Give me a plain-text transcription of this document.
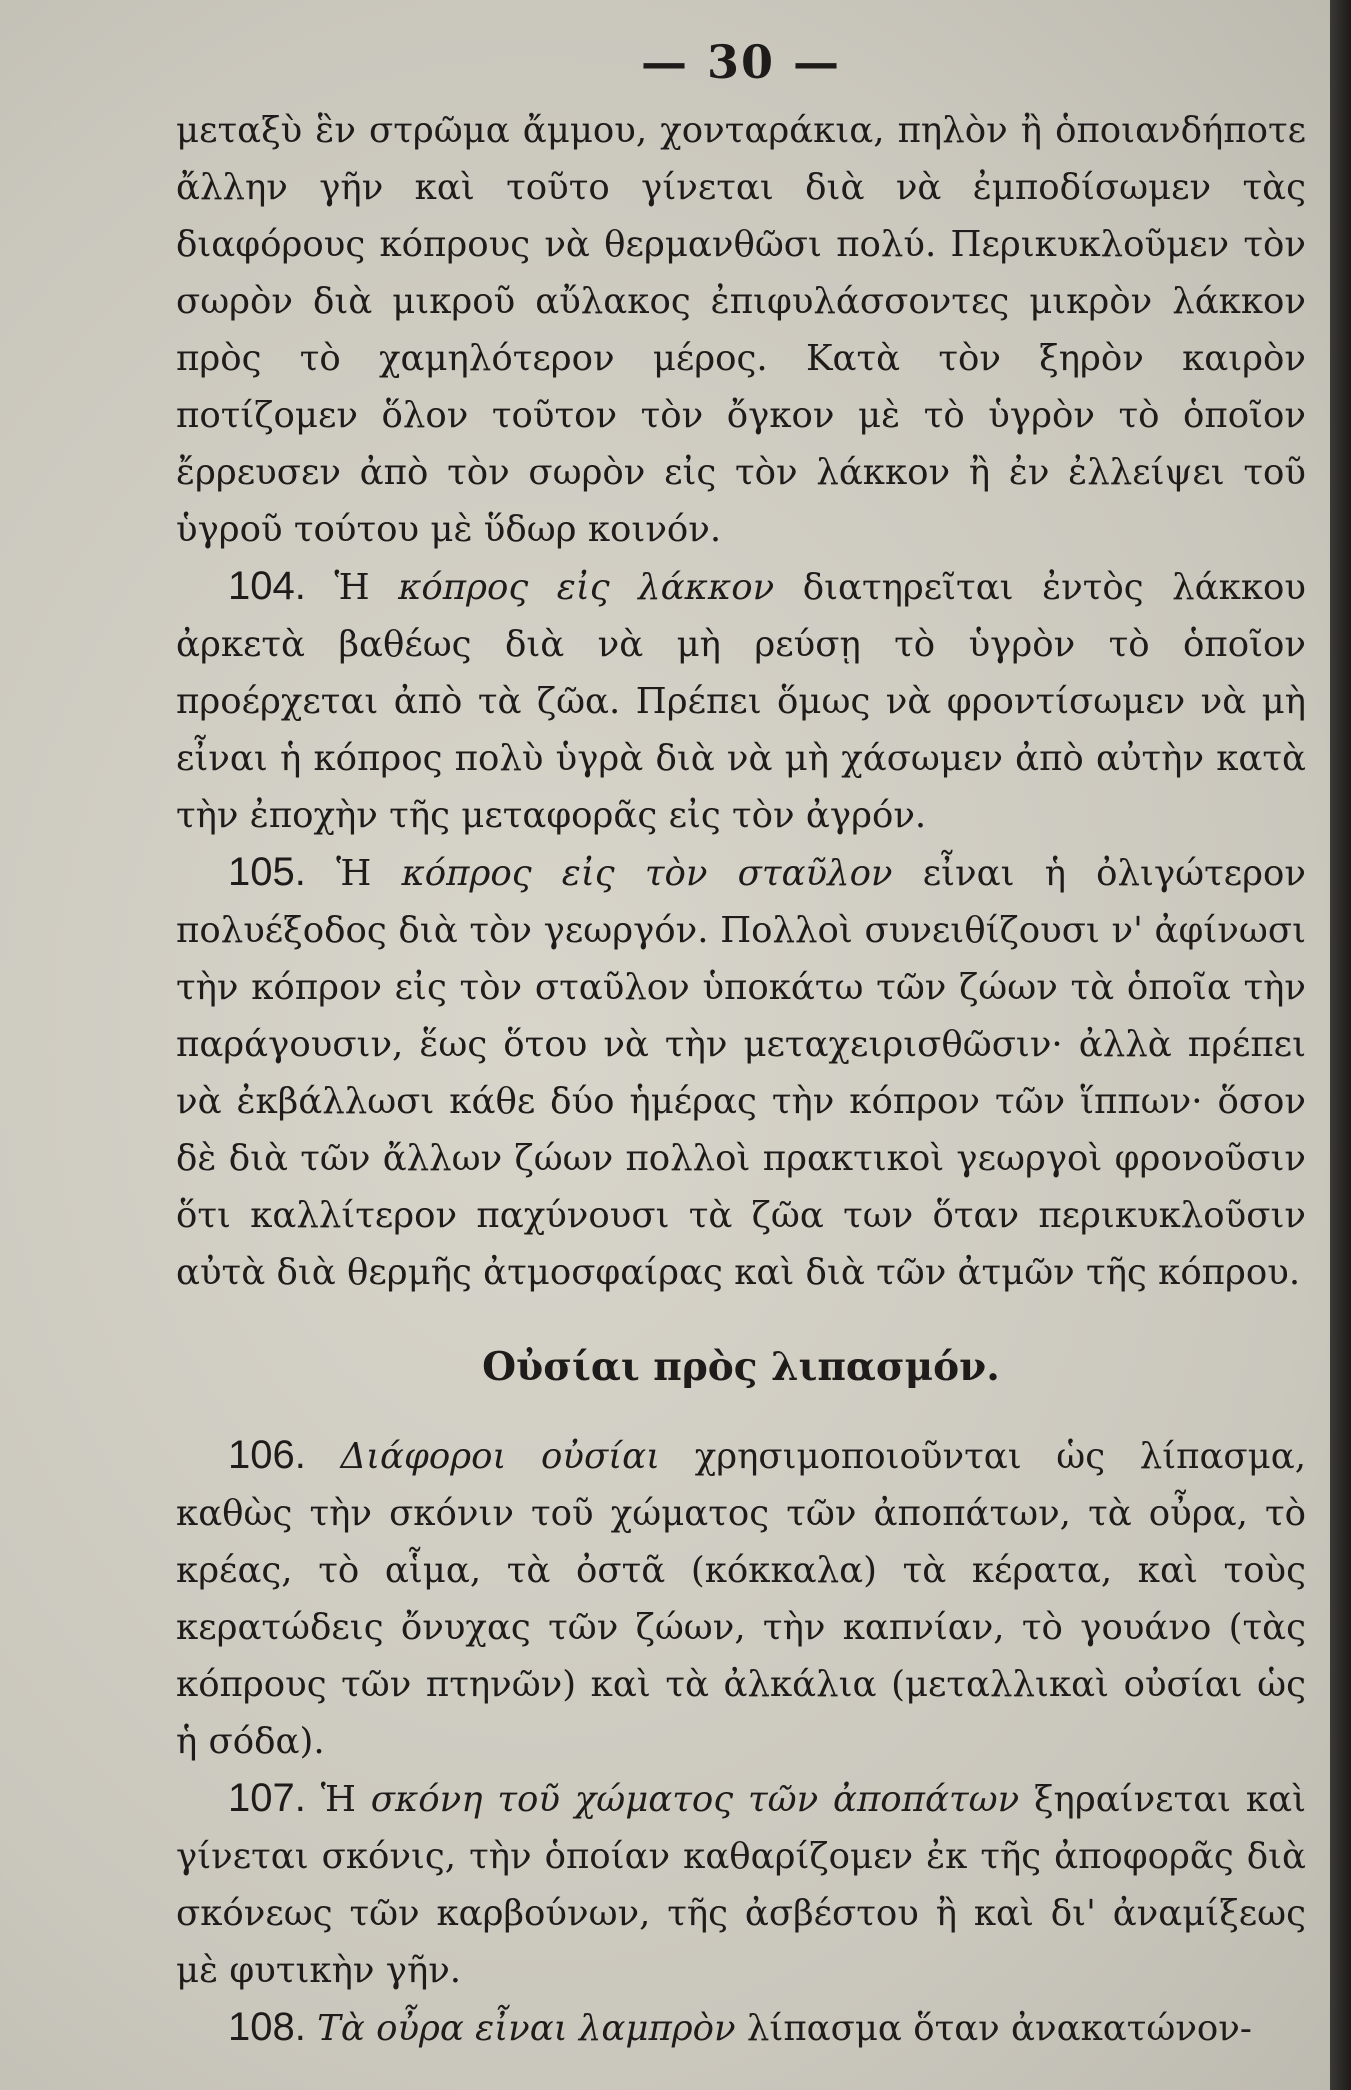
— 30 —

μεταξὺ ἓν στρῶμα ἄμμου, χονταράκια, πηλὸν ἢ ὁποιανδήποτε ἄλλην γῆν καὶ τοῦτο γίνεται διὰ νὰ ἐμποδίσωμεν τὰς διαφόρους κόπρους νὰ θερμανθῶσι πολύ. Περικυκλοῦμεν τὸν σωρὸν διὰ μικροῦ αὔλακος ἐπιφυλάσσοντες μικρὸν λάκκον πρὸς τὸ χαμηλότερον μέρος. Κατὰ τὸν ξηρὸν καιρὸν ποτίζομεν ὅλον τοῦτον τὸν ὄγκον μὲ τὸ ὑγρὸν τὸ ὁποῖον ἔρρευσεν ἀπὸ τὸν σωρὸν εἰς τὸν λάκκον ἢ ἐν ἐλλείψει τοῦ ὑγροῦ τούτου μὲ ὕδωρ κοινόν.

104. Ἡ κόπρος εἰς λάκκον διατηρεῖται ἐντὸς λάκκου ἀρκετὰ βαθέως διὰ νὰ μὴ ρεύσῃ τὸ ὑγρὸν τὸ ὁποῖον προέρχεται ἀπὸ τὰ ζῶα. Πρέπει ὅμως νὰ φροντίσωμεν νὰ μὴ εἶναι ἡ κόπρος πολὺ ὑγρὰ διὰ νὰ μὴ χάσωμεν ἀπὸ αὐτὴν κατὰ τὴν ἐποχὴν τῆς μεταφορᾶς εἰς τὸν ἀγρόν.

105. Ἡ κόπρος εἰς τὸν σταῦλον εἶναι ἡ ὀλιγώτερον πολυέξοδος διὰ τὸν γεωργόν. Πολλοὶ συνειθίζουσι ν' ἀφίνωσι τὴν κόπρον εἰς τὸν σταῦλον ὑποκάτω τῶν ζώων τὰ ὁποῖα τὴν παράγουσιν, ἕως ὅτου νὰ τὴν μεταχειρισθῶσιν· ἀλλὰ πρέπει νὰ ἐκβάλλωσι κάθε δύο ἡμέρας τὴν κόπρον τῶν ἵππων· ὅσον δὲ διὰ τῶν ἄλλων ζώων πολλοὶ πρακτικοὶ γεωργοὶ φρονοῦσιν ὅτι καλλίτερον παχύνουσι τὰ ζῶα των ὅταν περικυκλοῦσιν αὐτὰ διὰ θερμῆς ἀτμοσφαίρας καὶ διὰ τῶν ἀτμῶν τῆς κόπρου.

Οὐσίαι πρὸς λιπασμόν.

106. Διάφοροι οὐσίαι χρησιμοποιοῦνται ὡς λίπασμα, καθὼς τὴν σκόνιν τοῦ χώματος τῶν ἀποπάτων, τὰ οὖρα, τὸ κρέας, τὸ αἷμα, τὰ ὀστᾶ (κόκκαλα) τὰ κέρατα, καὶ τοὺς κερατώδεις ὄνυχας τῶν ζώων, τὴν καπνίαν, τὸ γουάνο (τὰς κόπρους τῶν πτηνῶν) καὶ τὰ ἀλκάλια (μεταλλικαὶ οὐσίαι ὡς ἡ σόδα).

107. Ἡ σκόνη τοῦ χώματος τῶν ἀποπάτων ξηραίνεται καὶ γίνεται σκόνις, τὴν ὁποίαν καθαρίζομεν ἐκ τῆς ἀποφορᾶς διὰ σκόνεως τῶν καρβούνων, τῆς ἀσβέστου ἢ καὶ δι' ἀναμίξεως μὲ φυτικὴν γῆν.

108. Τὰ οὖρα εἶναι λαμπρὸν λίπασμα ὅταν ἀνακατώνον-
